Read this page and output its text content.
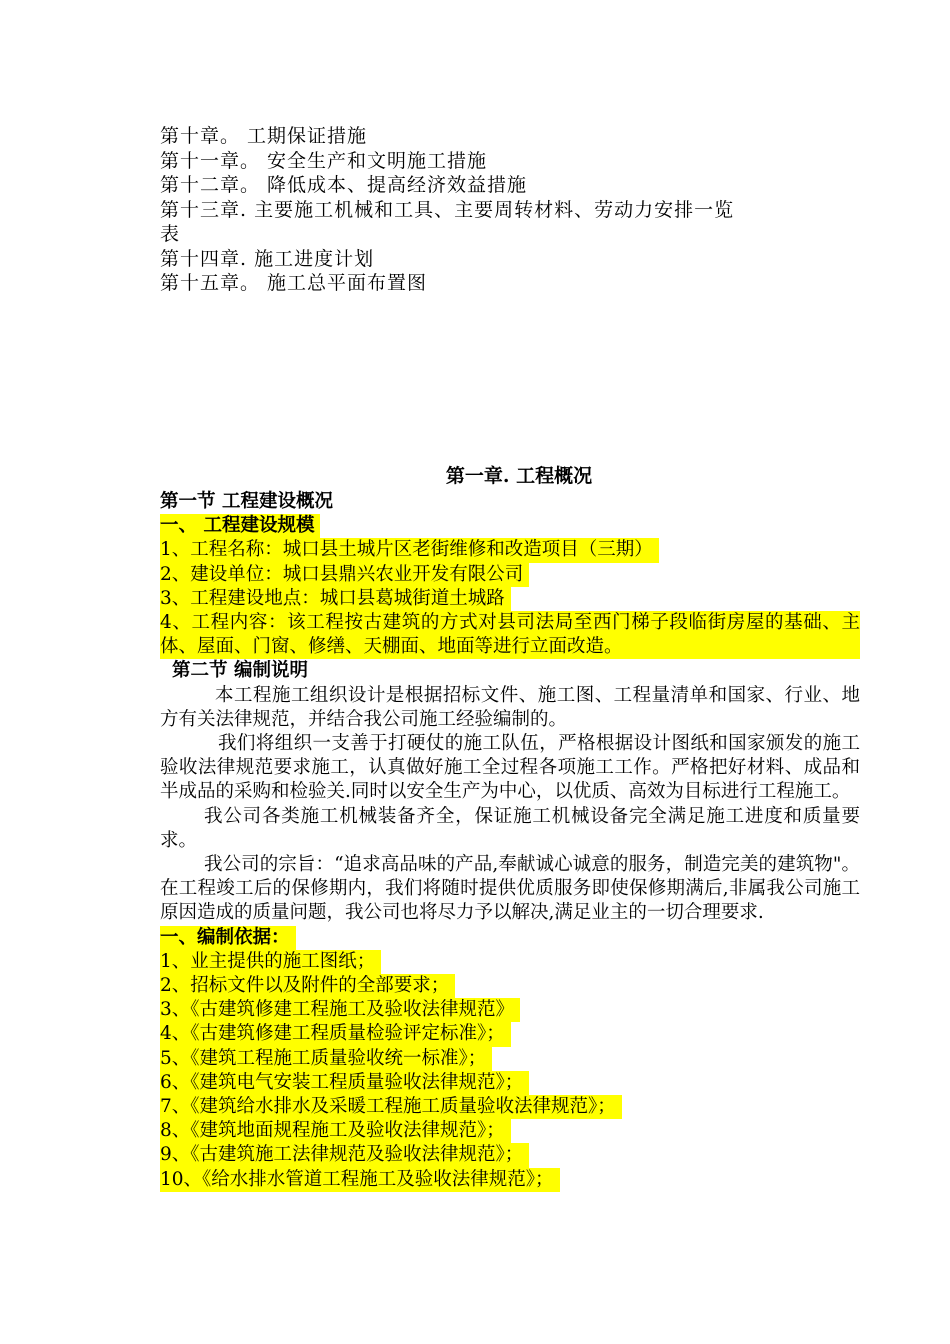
第十章。 工期保证措施
第十一章。 安全生产和文明施工措施
第十二章。 降低成本、提高经济效益措施
第十三章. 主要施工机械和工具、主要周转材料、劳动力安排一览
表
第十四章. 施工进度计划
第十五章。 施工总平面布置图
第一章. 工程概况
第一节 工程建设概况
一、 工程建设规模
1、工程名称：城口县土城片区老街维修和改造项目（三期）
2、建设单位：城口县鼎兴农业开发有限公司
3、工程建设地点：城口县葛城街道土城路
4、工程内容：该工程按古建筑的方式对县司法局至西门梯子段临街房屋的基础、主体、屋面、门窗、修缮、天棚面、地面等进行立面改造。
第二节 编制说明
本工程施工组织设计是根据招标文件、施工图、工程量清单和国家、行业、地方有关法律规范，并结合我公司施工经验编制的。
我们将组织一支善于打硬仗的施工队伍，严格根据设计图纸和国家颁发的施工验收法律规范要求施工，认真做好施工全过程各项施工工作。严格把好材料、成品和半成品的采购和检验关.同时以安全生产为中心，以优质、高效为目标进行工程施工。
我公司各类施工机械装备齐全，保证施工机械设备完全满足施工进度和质量要求。
我公司的宗旨：“追求高品味的产品,奉献诚心诚意的服务，制造完美的建筑物"。在工程竣工后的保修期内，我们将随时提供优质服务即使保修期满后,非属我公司施工原因造成的质量问题，我公司也将尽力予以解决,满足业主的一切合理要求.
一、编制依据：
1、业主提供的施工图纸；
2、招标文件以及附件的全部要求；
3、《古建筑修建工程施工及验收法律规范》
4、《古建筑修建工程质量检验评定标准》；
5、《建筑工程施工质量验收统一标准》；
6、《建筑电气安装工程质量验收法律规范》；
7、《建筑给水排水及采暖工程施工质量验收法律规范》；
8、《建筑地面规程施工及验收法律规范》；
9、《古建筑施工法律规范及验收法律规范》；
10、《给水排水管道工程施工及验收法律规范》；
